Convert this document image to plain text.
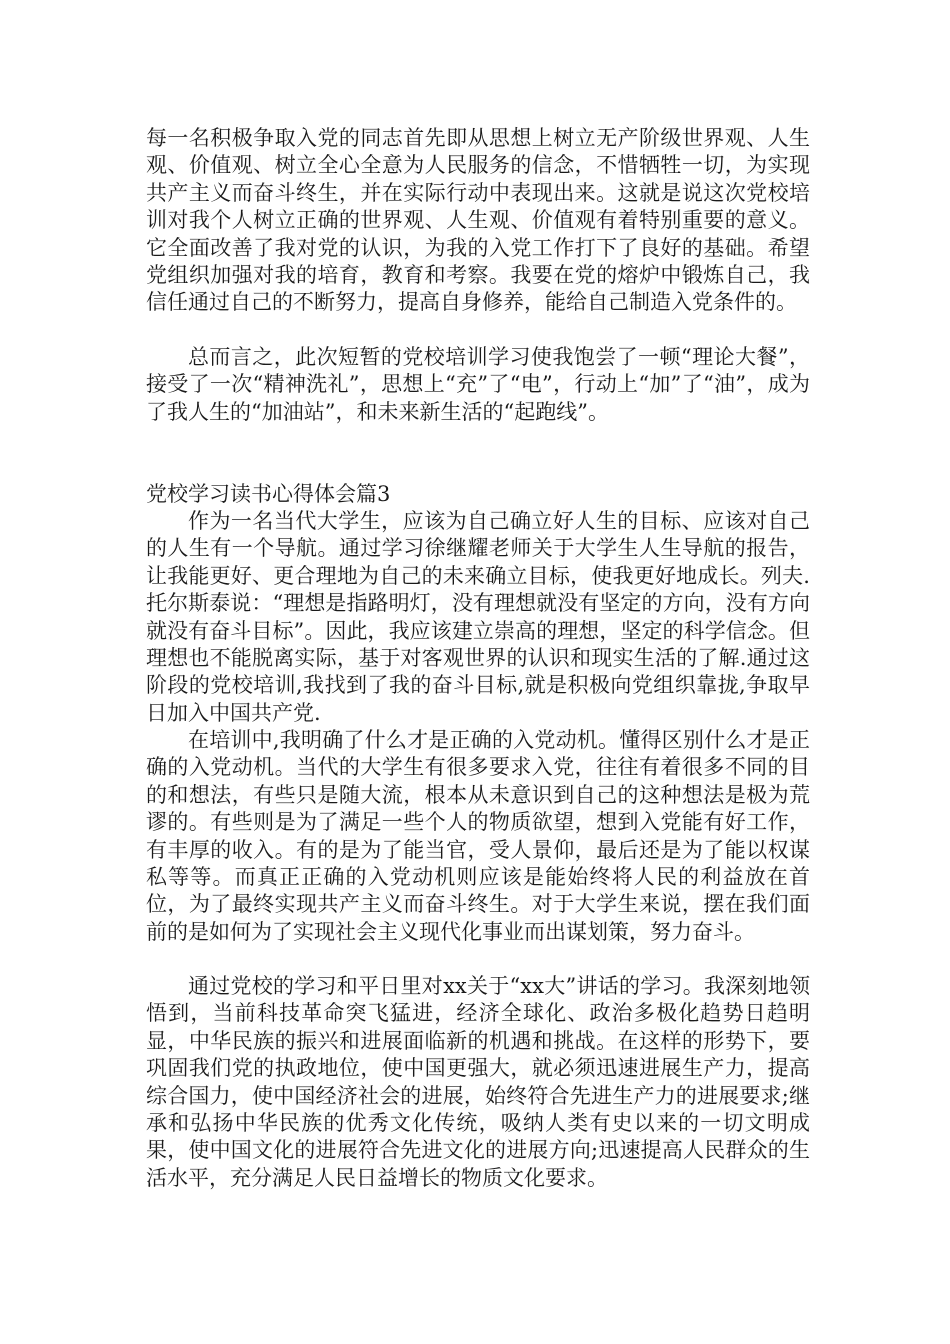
每一名积极争取入党的同志首先即从思想上树立无产阶级世界观、人生观、价值观、树立全心全意为人民服务的信念，不惜牺牲一切，为实现共产主义而奋斗终生，并在实际行动中表现出来。这就是说这次党校培训对我个人树立正确的世界观、人生观、价值观有着特别重要的意义。它全面改善了我对党的认识，为我的入党工作打下了良好的基础。希望党组织加强对我的培育，教育和考察。我要在党的熔炉中锻炼自己，我信任通过自己的不断努力，提高自身修养，能给自己制造入党条件的。

总而言之，此次短暂的党校培训学习使我饱尝了一顿“理论大餐”，接受了一次“精神洗礼”，思想上“充”了“电”，行动上“加”了“油”，成为了我人生的“加油站”，和未来新生活的“起跑线”。

党校学习读书心得体会篇3

作为一名当代大学生，应该为自己确立好人生的目标、应该对自己的人生有一个导航。通过学习徐继耀老师关于大学生人生导航的报告，让我能更好、更合理地为自己的未来确立目标，使我更好地成长。列夫.托尔斯泰说：“理想是指路明灯，没有理想就没有坚定的方向，没有方向就没有奋斗目标”。因此，我应该建立崇高的理想，坚定的科学信念。但理想也不能脱离实际，基于对客观世界的认识和现实生活的了解.通过这阶段的党校培训,我找到了我的奋斗目标,就是积极向党组织靠拢,争取早日加入中国共产党.

在培训中,我明确了什么才是正确的入党动机。懂得区别什么才是正确的入党动机。当代的大学生有很多要求入党，往往有着很多不同的目的和想法，有些只是随大流，根本从未意识到自己的这种想法是极为荒谬的。有些则是为了满足一些个人的物质欲望，想到入党能有好工作，有丰厚的收入。有的是为了能当官，受人景仰，最后还是为了能以权谋私等等。而真正正确的入党动机则应该是能始终将人民的利益放在首位，为了最终实现共产主义而奋斗终生。对于大学生来说，摆在我们面前的是如何为了实现社会主义现代化事业而出谋划策，努力奋斗。

通过党校的学习和平日里对xx关于“xx大”讲话的学习。我深刻地领悟到，当前科技革命突飞猛进，经济全球化、政治多极化趋势日趋明显，中华民族的振兴和进展面临新的机遇和挑战。在这样的形势下，要巩固我们党的执政地位，使中国更强大，就必须迅速进展生产力，提高综合国力，使中国经济社会的进展，始终符合先进生产力的进展要求;继承和弘扬中华民族的优秀文化传统，吸纳人类有史以来的一切文明成果，使中国文化的进展符合先进文化的进展方向;迅速提高人民群众的生活水平，充分满足人民日益增长的物质文化要求。
